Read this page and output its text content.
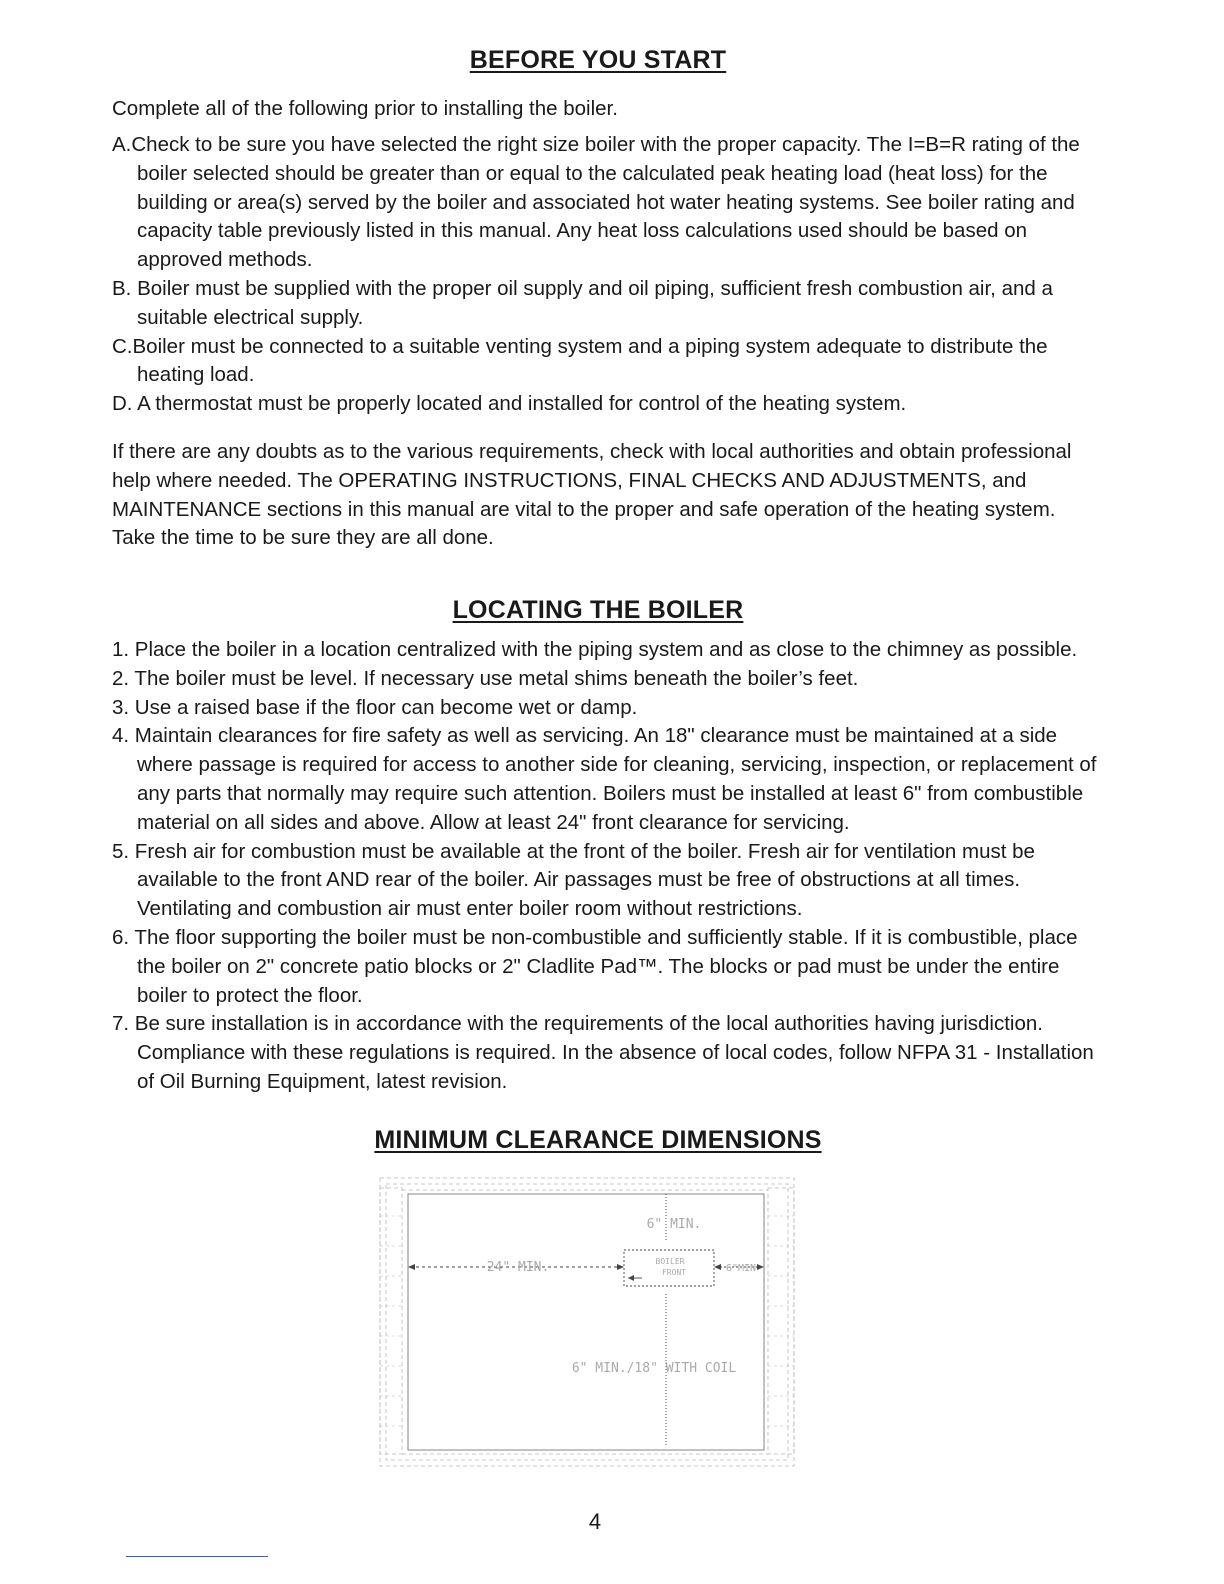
BEFORE YOU START

Complete all of the following prior to installing the boiler.

A.Check to be sure you have selected the right size boiler with the proper capacity. The I=B=R rating of the boiler selected should be greater than or equal to the calculated peak heating load (heat loss) for the building or area(s) served by the boiler and associated hot water heating systems. See boiler rating and capacity table previously listed in this manual. Any heat loss calculations used should be based on approved methods.

B. Boiler must be supplied with the proper oil supply and oil piping, sufficient fresh combustion air, and a suitable electrical supply.

C.Boiler must be connected to a suitable venting system and a piping system adequate to distribute the heating load.

D. A thermostat must be properly located and installed for control of the heating system.

If there are any doubts as to the various requirements, check with local authorities and obtain professional help where needed. The OPERATING INSTRUCTIONS, FINAL CHECKS AND ADJUSTMENTS, and MAINTENANCE sections in this manual are vital to the proper and safe operation of the heating system. Take the time to be sure they are all done.

LOCATING THE BOILER

1. Place the boiler in a location centralized with the piping system and as close to the chimney as possible.

2. The boiler must be level. If necessary use metal shims beneath the boiler’s feet.

3. Use a raised base if the floor can become wet or damp.

4. Maintain clearances for fire safety as well as servicing. An 18" clearance must be maintained at a side where passage is required for access to another side for cleaning, servicing, inspection, or replacement of any parts that normally may require such attention. Boilers must be installed at least 6" from combustible material on all sides and above. Allow at least 24" front clearance for servicing.

5. Fresh air for combustion must be available at the front of the boiler. Fresh air for ventilation must be available to the front AND rear of the boiler. Air passages must be free of obstructions at all times. Ventilating and combustion air must enter boiler room without restrictions.

6. The floor supporting the boiler must be non-combustible and sufficiently stable. If it is combustible, place the boiler on 2" concrete patio blocks or 2" Cladlite Pad™. The blocks or pad must be under the entire boiler to protect the floor.

7. Be sure installation is in accordance with the requirements of the local authorities having jurisdiction. Compliance with these regulations is required. In the absence of local codes, follow NFPA 31 - Installation of Oil Burning Equipment, latest revision.

MINIMUM CLEARANCE DIMENSIONS
6" MIN.
24" MIN.	BOILER
FRONT	6"MIN
6" MIN./18" WITH COIL
4
